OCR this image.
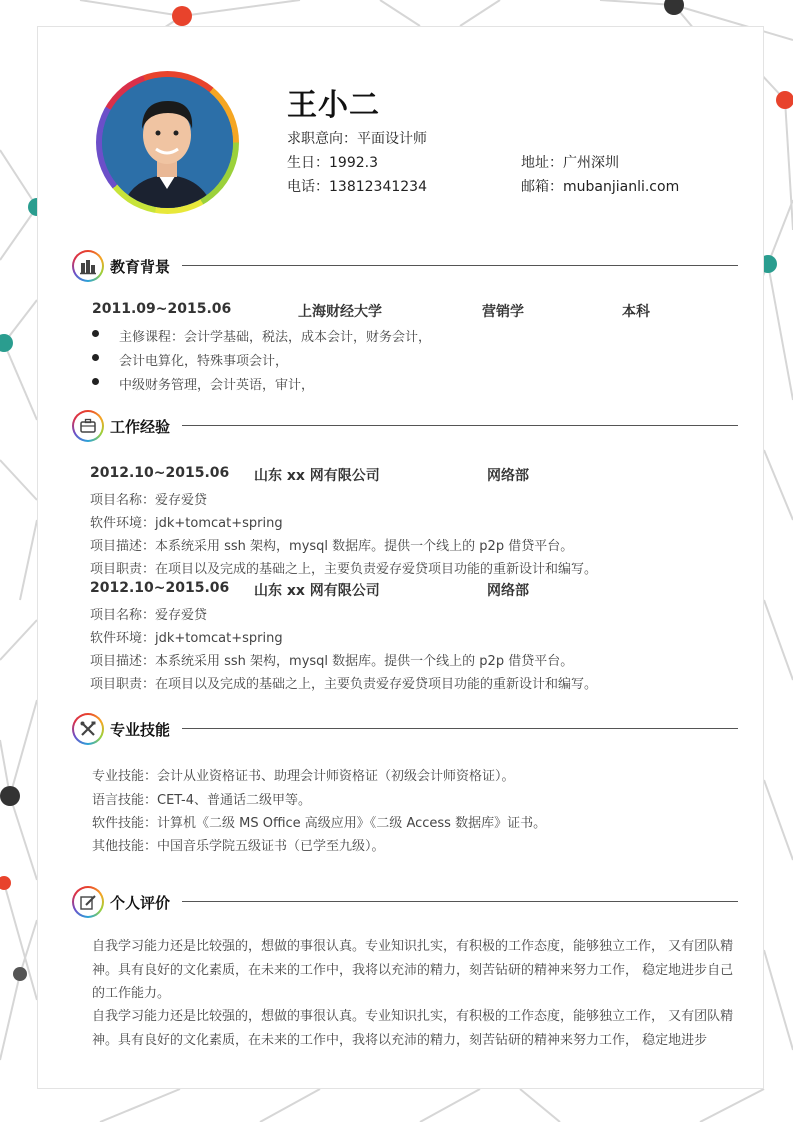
王小二
求职意向：平面设计师
生日：1992.3	地址：广州深圳
电话：13812341234	邮箱：mubanjianli.com
教育背景
2011.09~2015.06	上海财经大学	营销学	本科
主修课程：会计学基础，税法，成本会计，财务会计，
会计电算化，特殊事项会计，
中级财务管理，会计英语，审计，
工作经验
2012.10~2015.06 山东 xx 网有限公司	网络部
项目名称：爱存爱贷
软件环境：jdk+tomcat+spring
项目描述：本系统采用 ssh 架构，mysql 数据库。提供一个线上的 p2p 借贷平台。
项目职责：在项目以及完成的基础之上，主要负责爱存爱贷项目功能的重新设计和编写。
2012.10~2015.06 山东 xx 网有限公司	网络部
项目名称：爱存爱贷
软件环境：jdk+tomcat+spring
项目描述：本系统采用 ssh 架构，mysql 数据库。提供一个线上的 p2p 借贷平台。
项目职责：在项目以及完成的基础之上，主要负责爱存爱贷项目功能的重新设计和编写。
专业技能
专业技能：会计从业资格证书、助理会计师资格证（初级会计师资格证）。
语言技能：CET-4、普通话二级甲等。
软件技能：计算机《二级 MS Office 高级应用》《二级 Access 数据库》证书。
其他技能：中国音乐学院五级证书（已学至九级）。
个人评价
自我学习能力还是比较强的，想做的事很认真。专业知识扎实，有积极的工作态度，能够独立工作， 又有团队精神。具有良好的文化素质，在未来的工作中，我将以充沛的精力，刻苦钻研的精神来努力工作， 稳定地进步自己的工作能力。
自我学习能力还是比较强的，想做的事很认真。专业知识扎实，有积极的工作态度，能够独立工作， 又有团队精神。具有良好的文化素质，在未来的工作中，我将以充沛的精力，刻苦钻研的精神来努力工作， 稳定地进步
